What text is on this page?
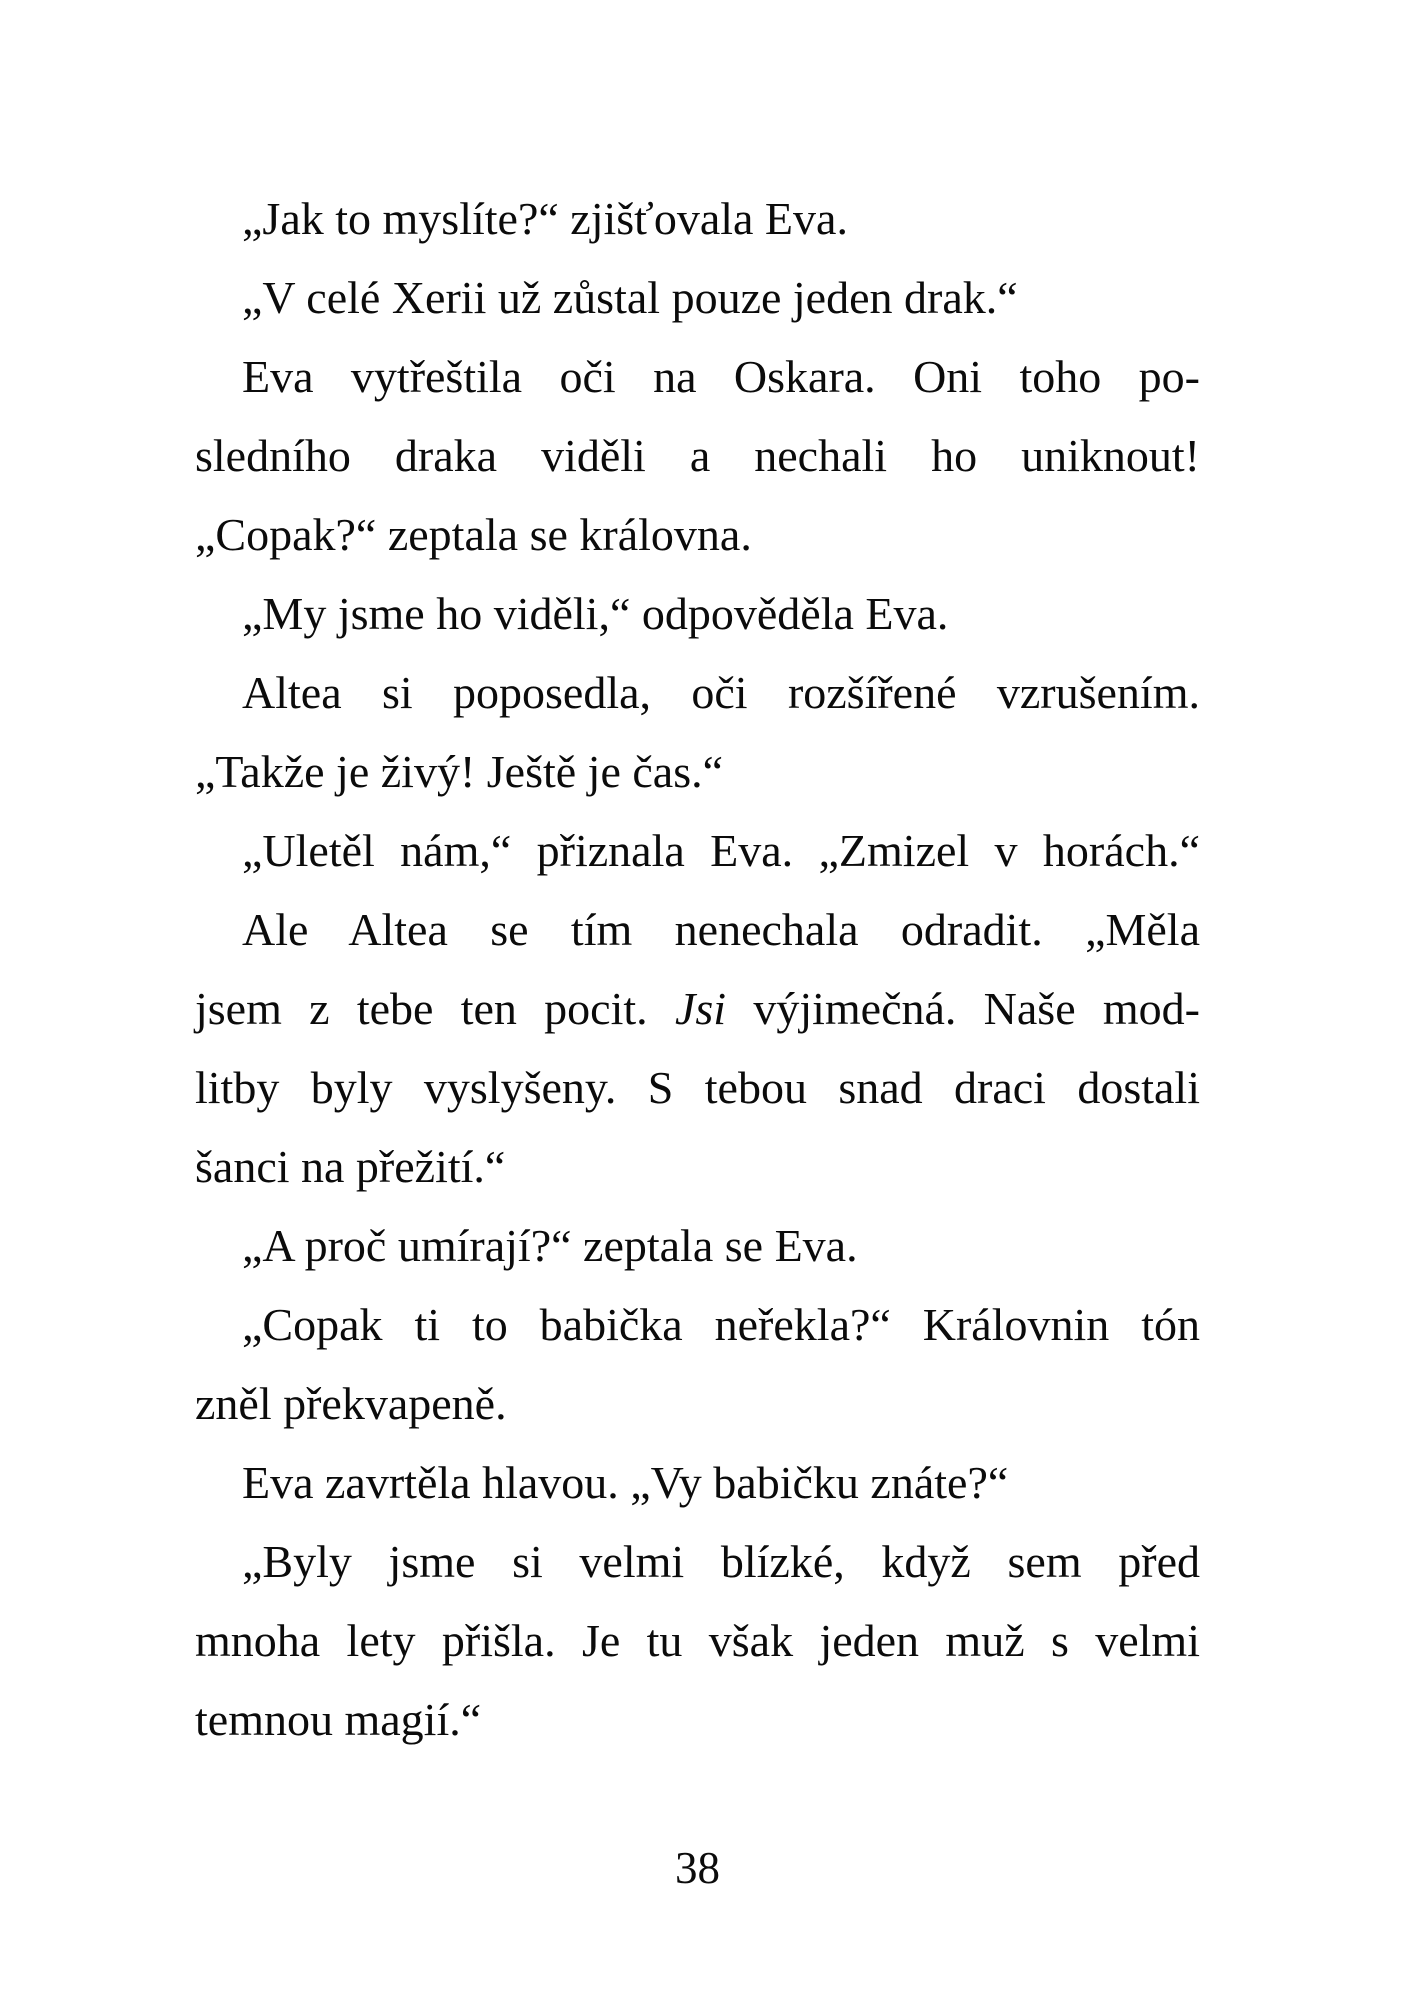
„Jak to myslíte?“ zjišťovala Eva.
„V celé Xerii už zůstal pouze jeden drak.“
Eva vytřeštila oči na Oskara. Oni toho po-
sledního draka viděli a nechali ho uniknout!
„Copak?“ zeptala se královna.
„My jsme ho viděli,“ odpověděla Eva.
Altea si poposedla, oči rozšířené vzrušením.
„Takže je živý! Ještě je čas.“
„Uletěl nám,“ přiznala Eva. „Zmizel v horách.“
Ale Altea se tím nenechala odradit. „Měla
jsem z tebe ten pocit. Jsi výjimečná. Naše mod-
litby byly vyslyšeny. S tebou snad draci dostali
šanci na přežití.“
„A proč umírají?“ zeptala se Eva.
„Copak ti to babička neřekla?“ Královnin tón
zněl překvapeně.
Eva zavrtěla hlavou. „Vy babičku znáte?“
„Byly jsme si velmi blízké, když sem před
mnoha lety přišla. Je tu však jeden muž s velmi
temnou magií.“
38
